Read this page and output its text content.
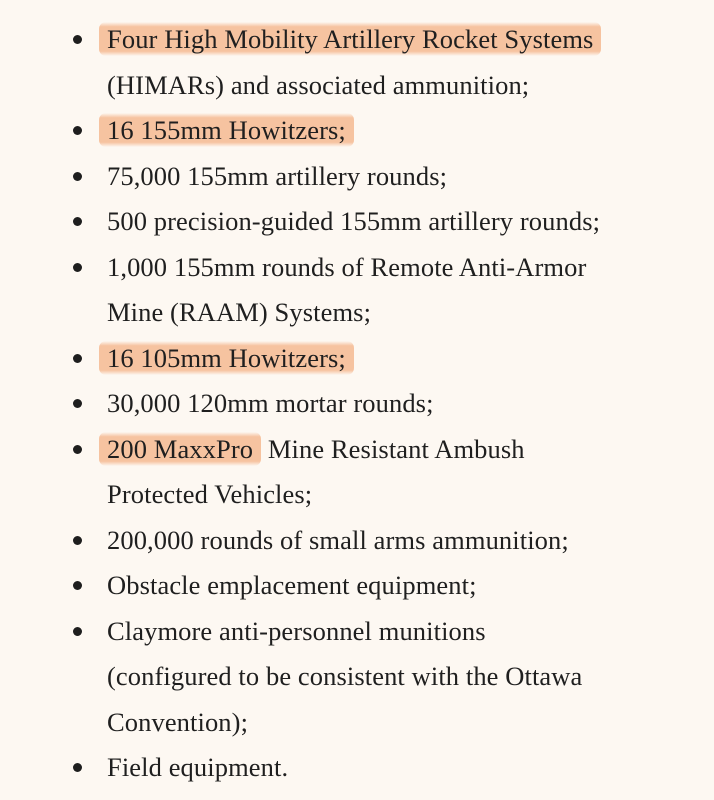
Four High Mobility Artillery Rocket Systems
(HIMARs) and associated ammunition;
16 155mm Howitzers;
75,000 155mm artillery rounds;
500 precision-guided 155mm artillery rounds;
1,000 155mm rounds of Remote Anti-Armor
Mine (RAAM) Systems;
16 105mm Howitzers;
30,000 120mm mortar rounds;
200 MaxxPro Mine Resistant Ambush
Protected Vehicles;
200,000 rounds of small arms ammunition;
Obstacle emplacement equipment;
Claymore anti-personnel munitions
(configured to be consistent with the Ottawa
Convention);
Field equipment.
